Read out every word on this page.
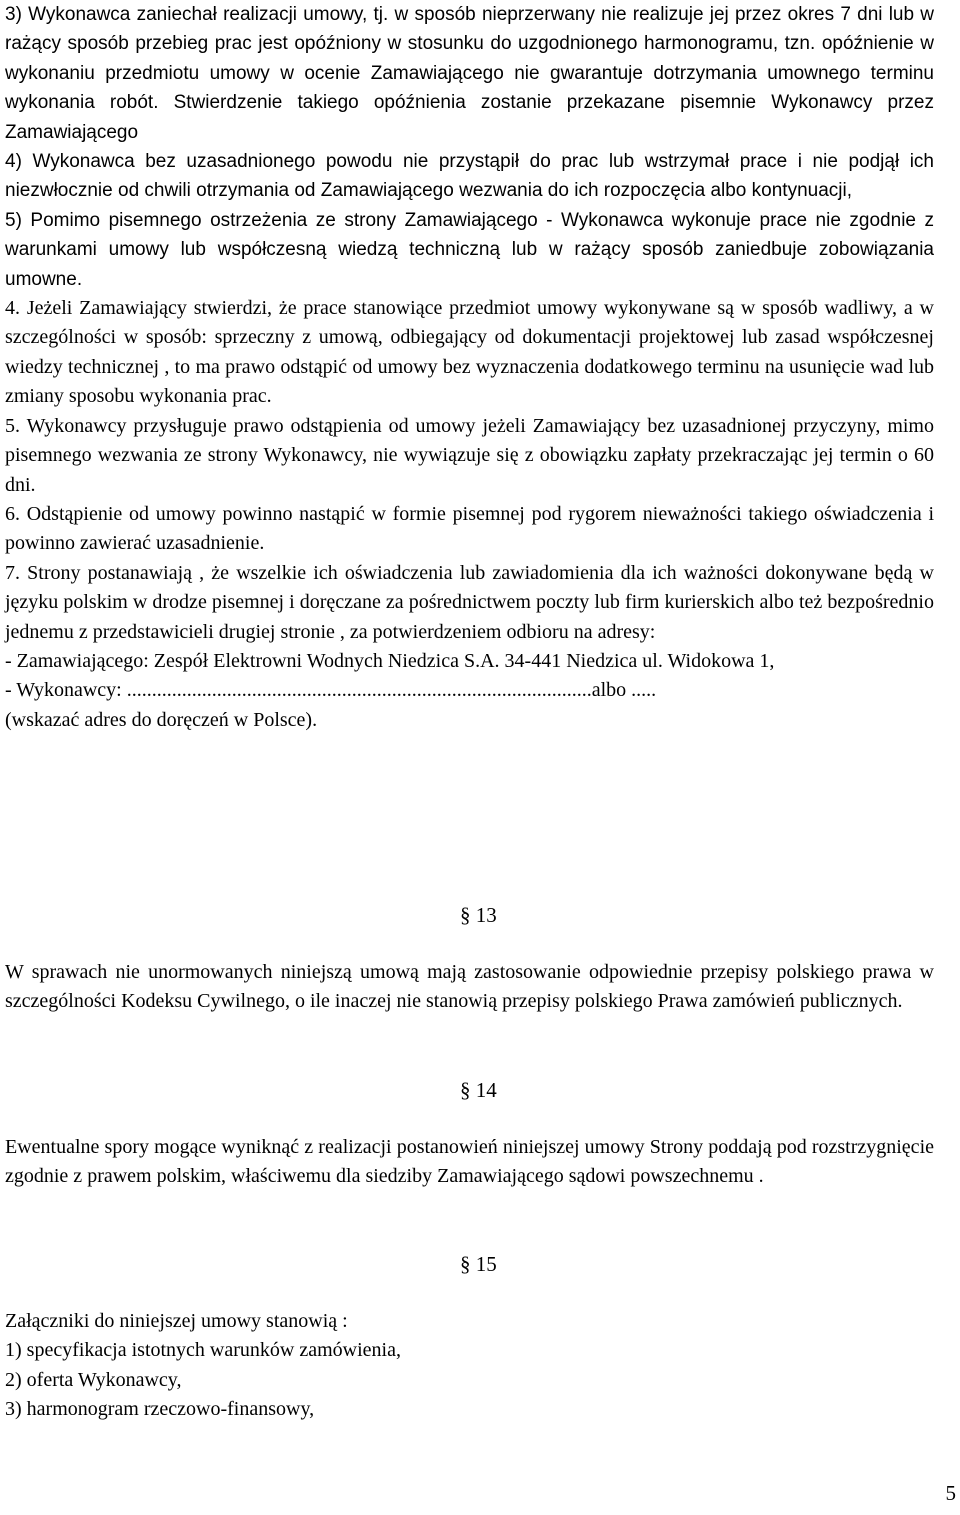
3) Wykonawca zaniechał realizacji umowy, tj. w sposób nieprzerwany nie realizuje jej przez okres 7 dni lub w rażący sposób przebieg prac jest opóźniony w stosunku do uzgodnionego harmonogramu, tzn. opóźnienie w wykonaniu przedmiotu umowy w ocenie Zamawiającego nie gwarantuje dotrzymania umownego terminu wykonania robót. Stwierdzenie takiego opóźnienia zostanie przekazane pisemnie Wykonawcy przez Zamawiającego

4) Wykonawca bez uzasadnionego powodu nie przystąpił do prac lub wstrzymał prace i nie podjął ich niezwłocznie od chwili otrzymania od Zamawiającego wezwania do ich rozpoczęcia albo kontynuacji,

5) Pomimo pisemnego ostrzeżenia ze strony Zamawiającego - Wykonawca wykonuje prace nie zgodnie z warunkami umowy lub współczesną wiedzą techniczną lub w rażący sposób zaniedbuje zobowiązania umowne.

4. Jeżeli Zamawiający stwierdzi, że prace stanowiące przedmiot umowy wykonywane są w sposób wadliwy, a w szczególności w sposób: sprzeczny z umową, odbiegający od dokumentacji projektowej lub zasad współczesnej wiedzy technicznej , to ma prawo odstąpić od umowy bez wyznaczenia dodatkowego terminu na usunięcie wad lub zmiany sposobu wykonania prac.

5. Wykonawcy przysługuje prawo odstąpienia od umowy jeżeli Zamawiający bez uzasadnionej przyczyny, mimo pisemnego wezwania ze strony Wykonawcy, nie wywiązuje się z obowiązku zapłaty przekraczając jej termin o 60 dni.

6. Odstąpienie od umowy powinno nastąpić w formie pisemnej pod rygorem nieważności takiego oświadczenia i powinno zawierać uzasadnienie.

7. Strony postanawiają , że wszelkie ich oświadczenia lub zawiadomienia dla ich ważności dokonywane będą w języku polskim w drodze pisemnej i doręczane za pośrednictwem poczty lub firm kurierskich albo też bezpośrednio jednemu z przedstawicieli drugiej stronie , za potwierdzeniem odbioru na adresy:

- Zamawiającego: Zespół Elektrowni Wodnych Niedzica S.A. 34-441 Niedzica ul. Widokowa 1,

- Wykonawcy: .............................................................................................albo .....

(wskazać adres do doręczeń w Polsce).

§ 13

W sprawach nie unormowanych niniejszą umową mają zastosowanie odpowiednie przepisy polskiego prawa w szczególności Kodeksu Cywilnego, o ile inaczej nie stanowią przepisy polskiego Prawa zamówień publicznych.

§ 14

Ewentualne spory mogące wyniknąć z realizacji postanowień niniejszej umowy Strony poddają pod rozstrzygnięcie zgodnie z prawem polskim, właściwemu dla siedziby Zamawiającego sądowi powszechnemu .

§ 15

Załączniki do niniejszej umowy stanowią :

1) specyfikacja istotnych warunków zamówienia,

2) oferta Wykonawcy,

3) harmonogram rzeczowo-finansowy,

5
